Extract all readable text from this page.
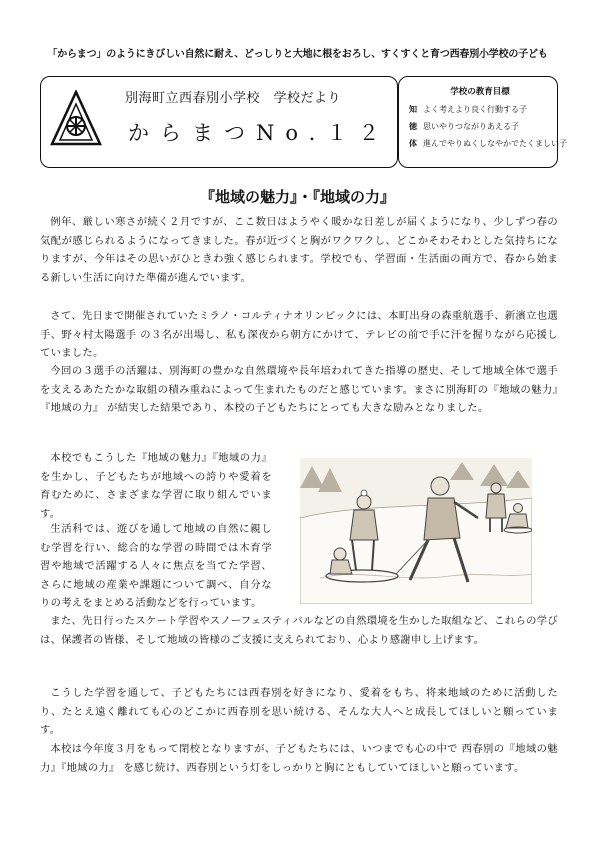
「からまつ」のようにきびしい自然に耐え、どっしりと大地に根をおろし、すくすくと育つ西春別小学校の子ども
別海町立西春別小学校　学校だより
からまつNo.１２
学校の教育目標
知 よく考えより良く行動する子
徳 思いやりつながりあえる子
体 進んでやりぬくしなやかでたくましい子
『地域の魅力』・『地域の力』

例年、厳しい寒さが続く２月ですが、ここ数日はようやく暖かな日差しが届くようになり、少しずつ春の気配が感じられるようになってきました。春が近づくと胸がワクワクし、どこかそわそわとした気持ちになりますが、今年はその思いがひときわ強く感じられます。学校でも、学習面・生活面の両方で、春から始まる新しい生活に向けた準備が進んでいます。

さて、先日まで開催されていたミラノ・コルティナオリンピックには、本町出身の森重航選手、新濱立也選手、野々村太陽選手 の３名が出場し、私も深夜から朝方にかけて、テレビの前で手に汗を握りながら応援していました。

今回の３選手の活躍は、別海町の豊かな自然環境や長年培われてきた指導の歴史、そして地域全体で選手を支えるあたたかな取組の積み重ねによって生まれたものだと感じています。まさに別海町の『地域の魅力』『地域の力』 が結実した結果であり、本校の子どもたちにとっても大きな励みとなりました。

本校でもこうした『地域の魅力』『地域の力』を生かし、子どもたちが地域への誇りや愛着を育むために、さまざまな学習に取り組んでいます。

生活科では、遊びを通して地域の自然に親しむ学習を行い、総合的な学習の時間では木育学習や地域で活躍する人々に焦点を当てた学習、さらに地域の産業や課題について調べ、自分なりの考えをまとめる活動などを行っています。

また、先日行ったスケート学習やスノーフェスティバルなどの自然環境を生かした取組など、これらの学びは、保護者の皆様、そして地域の皆様のご支援に支えられており、心より感謝申し上げます。

こうした学習を通して、子どもたちには西春別を好きになり、愛着をもち、将来地域のために活動したり、たとえ遠く離れても心のどこかに西春別を思い続ける、そんな大人へと成長してほしいと願っています。

本校は今年度３月をもって閉校となりますが、子どもたちには、いつまでも心の中で 西春別の『地域の魅力』『地域の力』 を感じ続け、西春別という灯をしっかりと胸にともしていてほしいと願っています。
